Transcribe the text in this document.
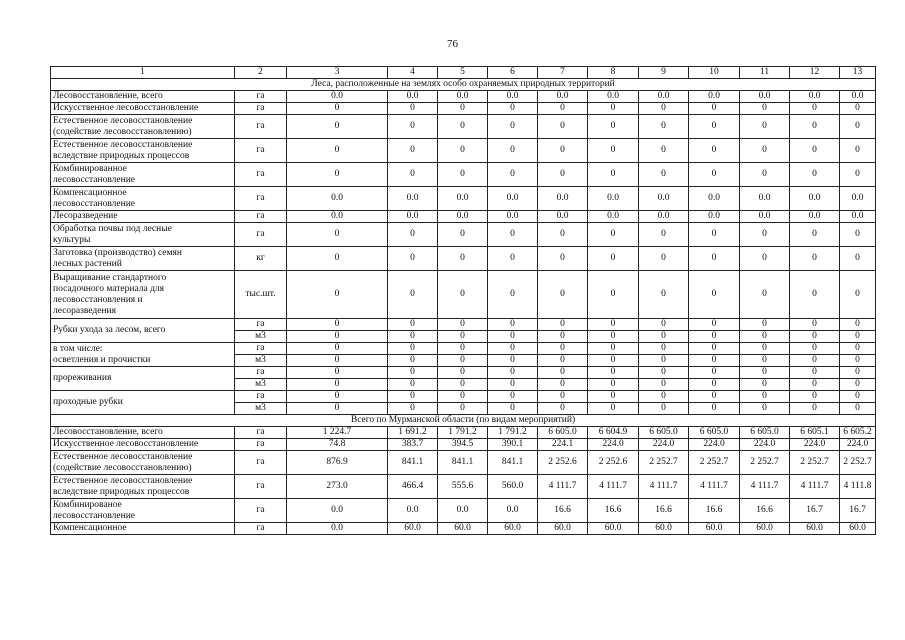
76
1	2	3	4	5	6	7	8	9	10	11	12	13
Леса, расположенные на землях особо охраняемых природных территорий												

Лесовосстановление, всего	га	0.0	0.0	0.0	0.0	0.0	0.0	0.0	0.0	0.0	0.0	0.0

Искусственное лесовосстановление	га	0	0	0	0	0	0	0	0	0	0	0

Естественное лесовосстановление
(содействие лесовосстановлению)	га	0	0	0	0	0	0	0	0	0	0	0

Естественное лесовосстановление
вследствие природных процессов	га	0	0	0	0	0	0	0	0	0	0	0

Комбинированное
лесовосстановление	га	0	0	0	0	0	0	0	0	0	0	0

Компенсационное
лесовосстановление	га	0.0	0.0	0.0	0.0	0.0	0.0	0.0	0.0	0.0	0.0	0.0

Лесоразведение	га	0.0	0.0	0.0	0.0	0.0	0.0	0.0	0.0	0.0	0.0	0.0

Обработка почвы под лесные
культуры	га	0	0	0	0	0	0	0	0	0	0	0

Заготовка (производство) семян
лесных растений	кг	0	0	0	0	0	0	0	0	0	0	0

Выращивание стандартного
посадочного материала для
лесовосстановления и
лесоразведения	тыс.шт.	0	0	0	0	0	0	0	0	0	0	0

Рубки ухода за лесом, всего	га	0	0	0	0	0	0	0	0	0	0	0
	м3	0	0	0	0	0	0	0	0	0	0	0

в том числе:
осветления и прочистки	га	0	0	0	0	0	0	0	0	0	0	0
	м3	0	0	0	0	0	0	0	0	0	0	0

прореживания	га	0	0	0	0	0	0	0	0	0	0	0
	м3	0	0	0	0	0	0	0	0	0	0	0

проходные рубки	га	0	0	0	0	0	0	0	0	0	0	0
	м3	0	0	0	0	0	0	0	0	0	0	0
Всего по Мурманской области (по видам мероприятий)												

Лесовосстановление, всего	га	1 224.7	1 691.2	1 791.2	1 791.2	6 605.0	6 604.9	6 605.0	6 605.0	6 605.0	6 605.1	6 605.2

Искусственное лесовосстановление	га	74.8	383.7	394.5	390.1	224.1	224.0	224.0	224.0	224.0	224.0	224.0

Естественное лесовосстановление
(содействие лесовосстановлению)	га	876.9	841.1	841.1	841.1	2 252.6	2 252.6	2 252.7	2 252.7	2 252.7	2 252.7	2 252.7

Естественное лесовосстановление
вследствие природных процессов	га	273.0	466.4	555.6	560.0	4 111.7	4 111.7	4 111.7	4 111.7	4 111.7	4 111.7	4 111.8

Комбинированое
лесовосстановление	га	0.0	0.0	0.0	0.0	16.6	16.6	16.6	16.6	16.6	16.7	16.7

Компенсационное	га	0.0	60.0	60.0	60.0	60.0	60.0	60.0	60.0	60.0	60.0	60.0
